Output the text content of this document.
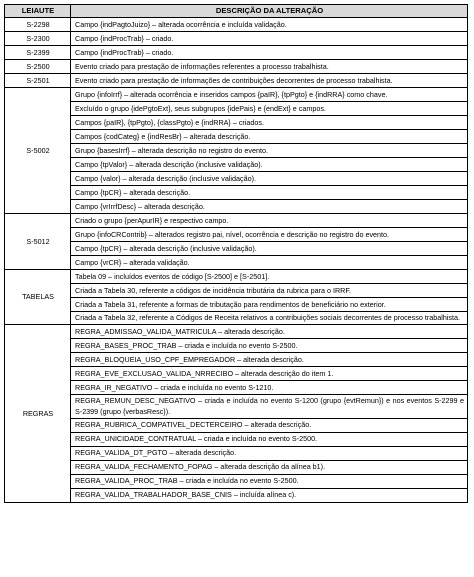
LEIAUTE	DESCRIÇÃO DA ALTERAÇÃO
S-2298	Campo {indPagtoJuizo} – alterada ocorrência e incluída validação.
S-2300	Campo {indProcTrab} – criado.
S-2399	Campo {indProcTrab} – criado.
S-2500	Evento criado para prestação de informações referentes a processo trabalhista.
S-2501	Evento criado para prestação de informações de contribuições decorrentes de processo trabalhista.
S-5002	Grupo {infoIrrf} – alterada ocorrência e inseridos campos {paIR}, {tpPgto} e {indRRA} como chave.
	Excluído o grupo {idePgtoExt}, seus subgrupos {idePais} e {endExt} e campos.
	Campos {paIR}, {tpPgto}, {classPgto} e {indRRA} – criados.
	Campos {codCateg} e {indResBr} – alterada descrição.
	Grupo {basesIrrf} – alterada descrição no registro do evento.
	Campo {tpValor} – alterada descrição (inclusive validação).
	Campo {valor} – alterada descrição (inclusive validação).
	Campo {tpCR} – alterada descrição.
	Campo {vrIrrfDesc} – alterada descrição.
S-5012	Criado o grupo {perApurIR} e respectivo campo.
	Grupo {infoCRContrib} – alterados registro pai, nível, ocorrência e descrição no registro do evento.
	Campo {tpCR} – alterada descrição (inclusive validação).
	Campo {vrCR} – alterada validação.
TABELAS	Tabela 09 – incluídos eventos de código [S-2500] e [S-2501].
	Criada a Tabela 30, referente a códigos de incidência tributária da rubrica para o IRRF.
	Criada a Tabela 31, referente a formas de tributação para rendimentos de beneficiário no exterior.
	Criada a Tabela 32, referente a Códigos de Receita relativos a contribuições sociais decorrentes de processo trabalhista.
REGRAS	REGRA_ADMISSAO_VALIDA_MATRICULA – alterada descrição.
	REGRA_BASES_PROC_TRAB – criada e incluída no evento S-2500.
	REGRA_BLOQUEIA_USO_CPF_EMPREGADOR – alterada descrição.
	REGRA_EVE_EXCLUSAO_VALIDA_NRRECIBO – alterada descrição do item 1.
	REGRA_IR_NEGATIVO – criada e incluída no evento S-1210.
	REGRA_REMUN_DESC_NEGATIVO – criada e incluída no evento S-1200 (grupo {evtRemun}) e nos eventos S-2299 e S-2399 (grupo {verbasResc}).
	REGRA_RUBRICA_COMPATIVEL_DECTERCEIRO – alterada descrição.
	REGRA_UNICIDADE_CONTRATUAL – criada e incluída no evento S-2500.
	REGRA_VALIDA_DT_PGTO – alterada descrição.
	REGRA_VALIDA_FECHAMENTO_FOPAG – alterada descrição da alínea b1).
	REGRA_VALIDA_PROC_TRAB – criada e incluída no evento S-2500.
	REGRA_VALIDA_TRABALHADOR_BASE_CNIS – incluída alínea c).
